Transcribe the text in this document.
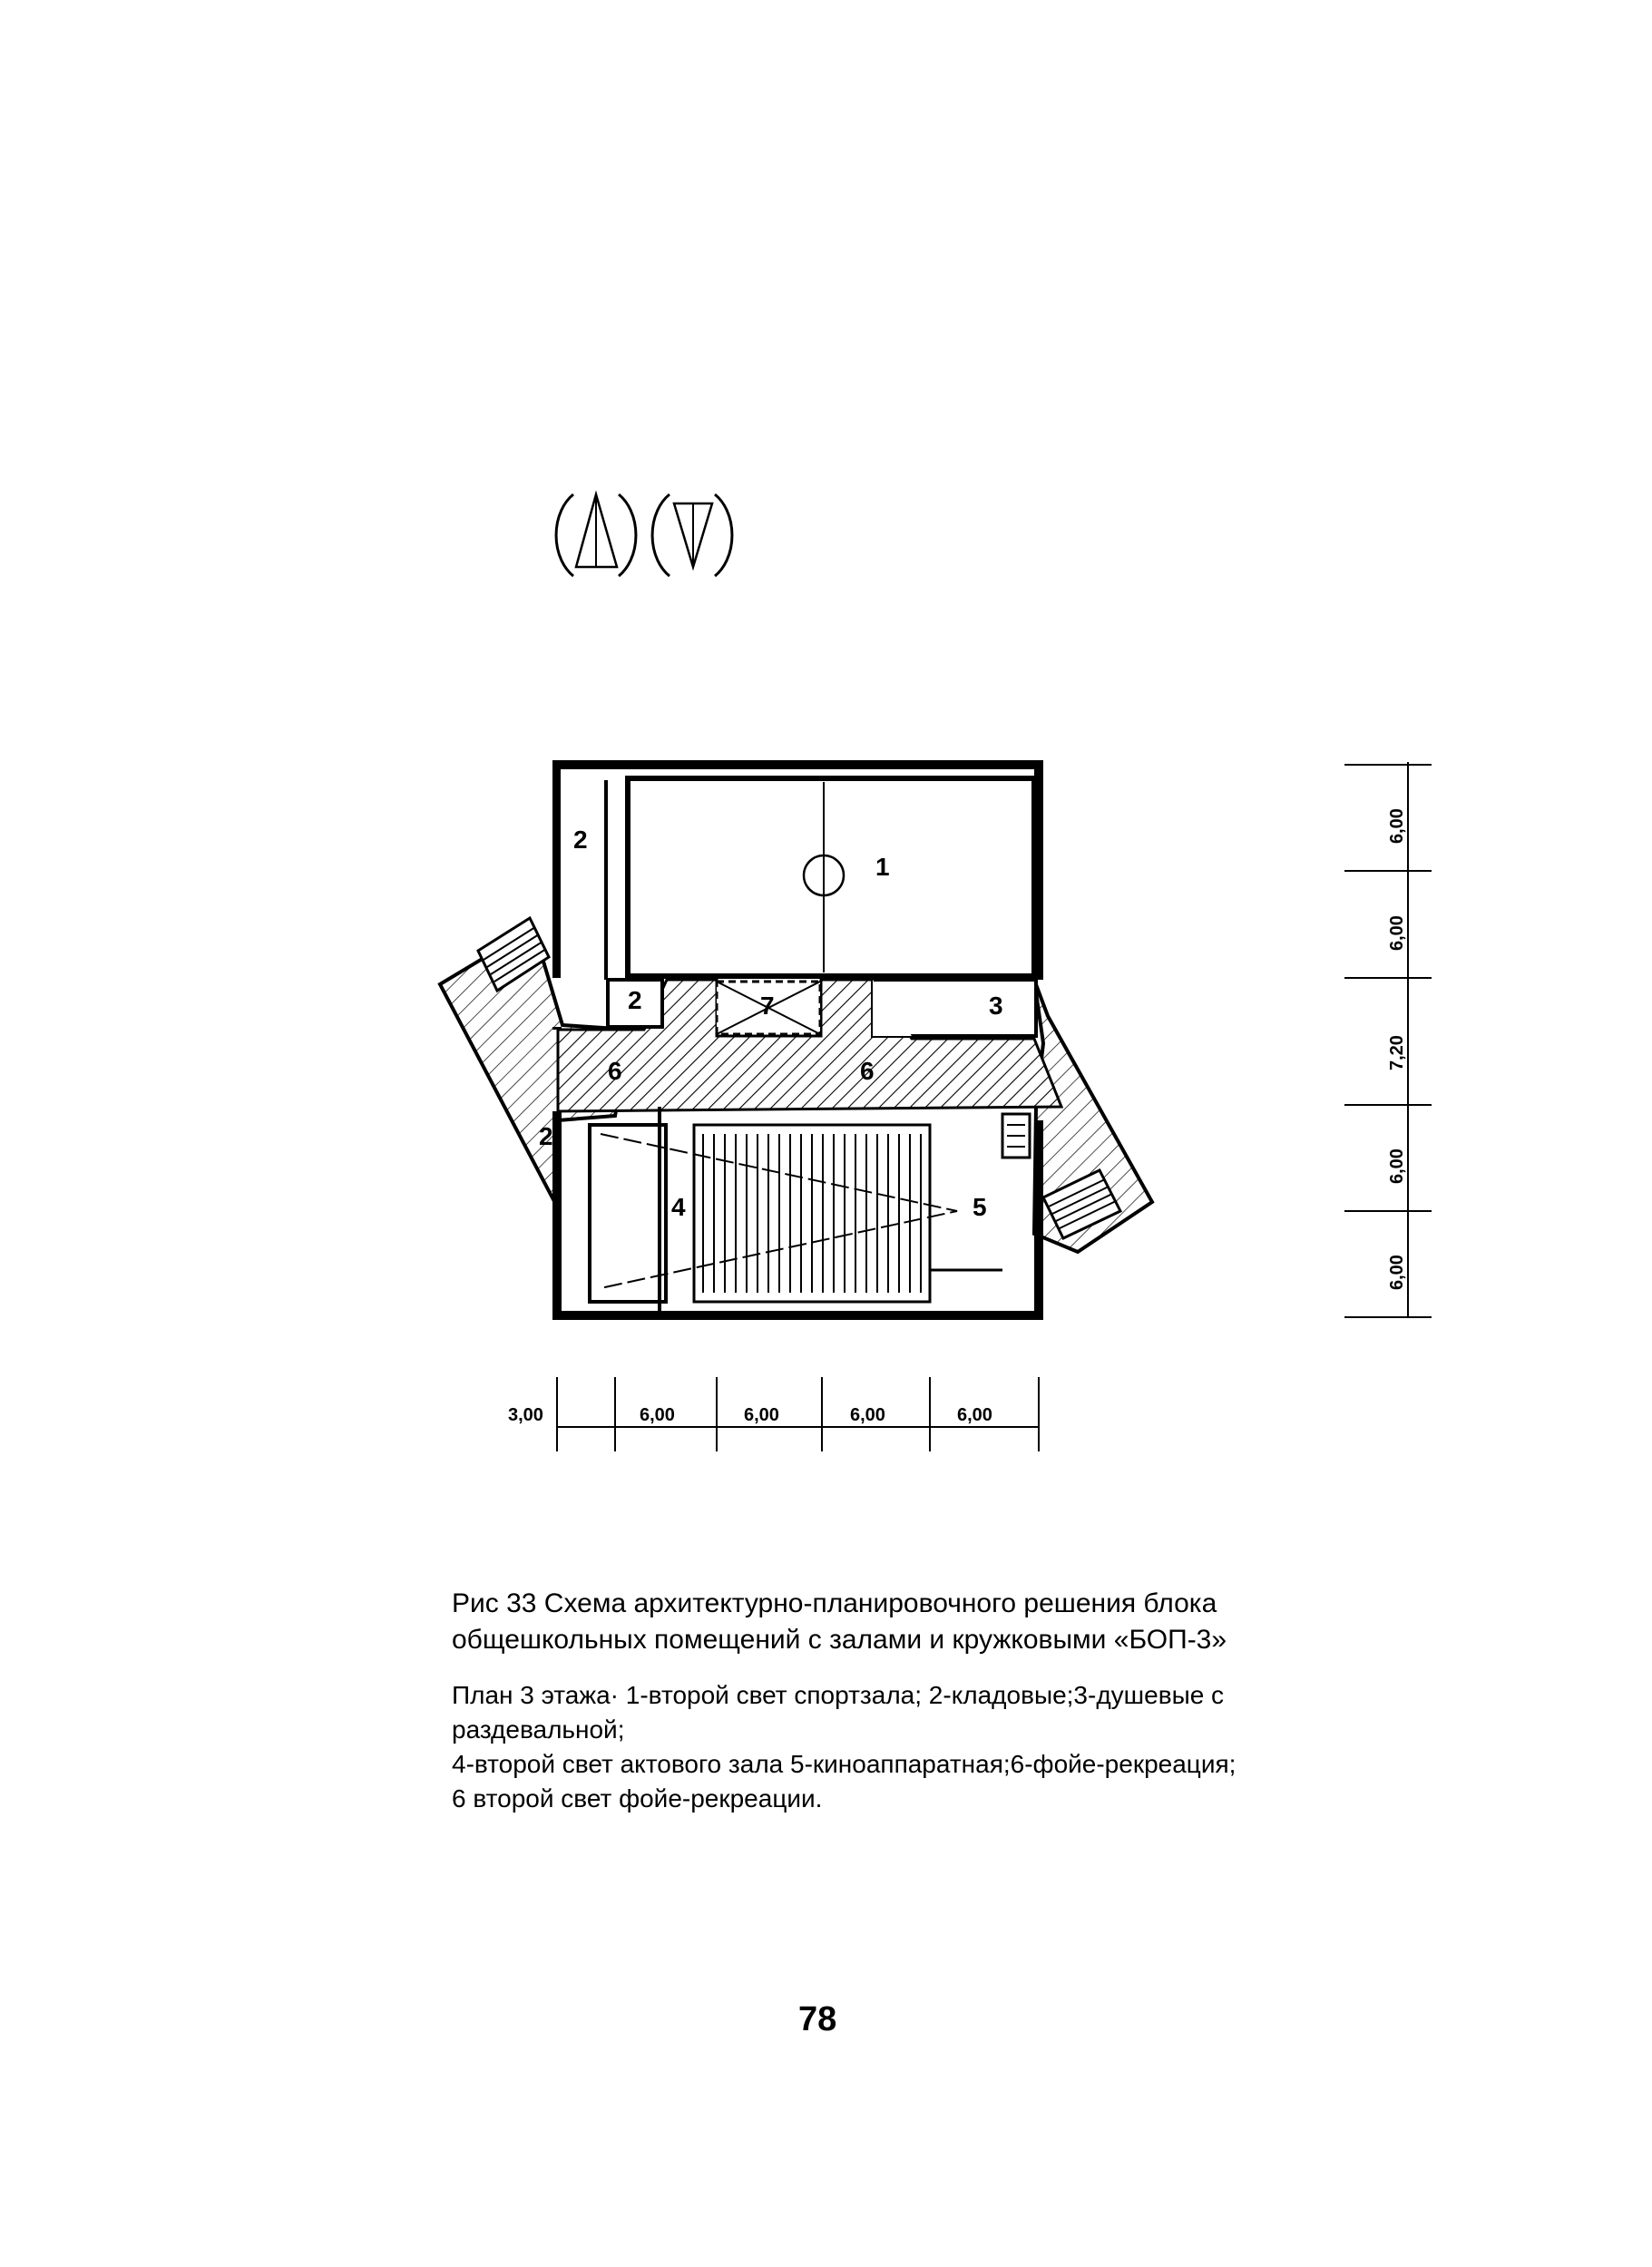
2
1
2	7	3
6	6
2
4	5
3,00	6,00	6,00	6,00	6,00
6,00
6,00
7,20
6,00
6,00

Рис 33 Схема архитектурно-планировочного решения блока
общешкольных помещений с залами и кружковыми «БОП-3»

План 3 этажа· 1-второй свет спортзала; 2-кладовые;3-душевые с
раздевальной;
4-второй свет актового зала 5-киноаппаратная;6-фойе-рекреация;
6 второй свет фойе-рекреации.

78
